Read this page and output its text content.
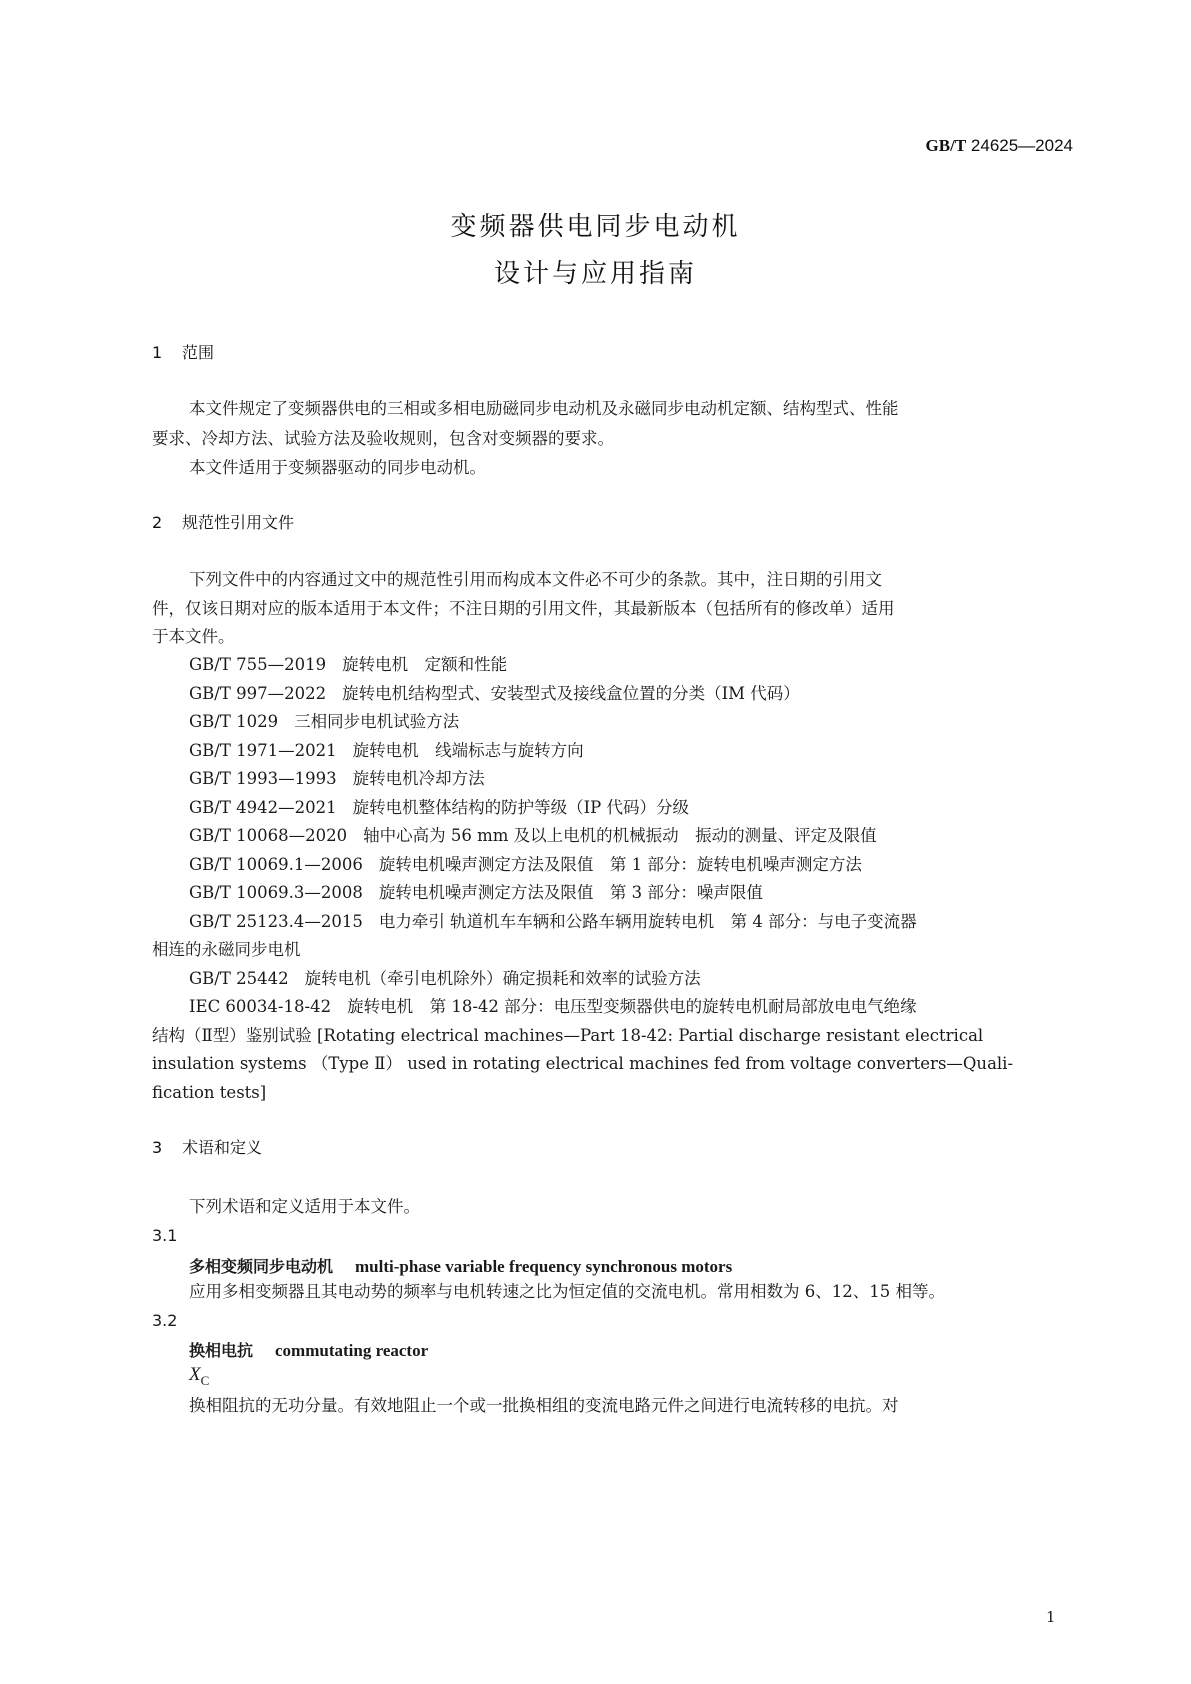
GB/T 24625—2024
变频器供电同步电动机
设计与应用指南
1 范围
本文件规定了变频器供电的三相或多相电励磁同步电动机及永磁同步电动机定额、结构型式、性能
要求、冷却方法、试验方法及验收规则，包含对变频器的要求。
本文件适用于变频器驱动的同步电动机。
2 规范性引用文件
下列文件中的内容通过文中的规范性引用而构成本文件必不可少的条款。其中，注日期的引用文
件，仅该日期对应的版本适用于本文件；不注日期的引用文件，其最新版本（包括所有的修改单）适用
于本文件。
GB/T 755—2019 旋转电机　定额和性能
GB/T 997—2022 旋转电机结构型式、安装型式及接线盒位置的分类（IM 代码）
GB/T 1029 三相同步电机试验方法
GB/T 1971—2021 旋转电机　线端标志与旋转方向
GB/T 1993—1993 旋转电机冷却方法
GB/T 4942—2021 旋转电机整体结构的防护等级（IP 代码）分级
GB/T 10068—2020 轴中心高为 56 mm 及以上电机的机械振动　振动的测量、评定及限值
GB/T 10069.1—2006 旋转电机噪声测定方法及限值　第 1 部分：旋转电机噪声测定方法
GB/T 10069.3—2008 旋转电机噪声测定方法及限值　第 3 部分：噪声限值
GB/T 25123.4—2015 电力牵引 轨道机车车辆和公路车辆用旋转电机　第 4 部分：与电子变流器
相连的永磁同步电机
GB/T 25442 旋转电机（牵引电机除外）确定损耗和效率的试验方法
IEC 60034-18-42 旋转电机　第 18-42 部分：电压型变频器供电的旋转电机耐局部放电电气绝缘
结构（Ⅱ型）鉴别试验 [Rotating electrical machines—Part 18-42: Partial discharge resistant electrical
insulation systems （Type Ⅱ） used in rotating electrical machines fed from voltage converters—Quali-
fication tests]
3 术语和定义
下列术语和定义适用于本文件。
3.1
多相变频同步电动机 multi-phase variable frequency synchronous motors
应用多相变频器且其电动势的频率与电机转速之比为恒定值的交流电机。常用相数为 6、12、15 相等。
3.2
换相电抗 commutating reactor
$X_C$
换相阻抗的无功分量。有效地阻止一个或一批换相组的变流电路元件之间进行电流转移的电抗。对
1
